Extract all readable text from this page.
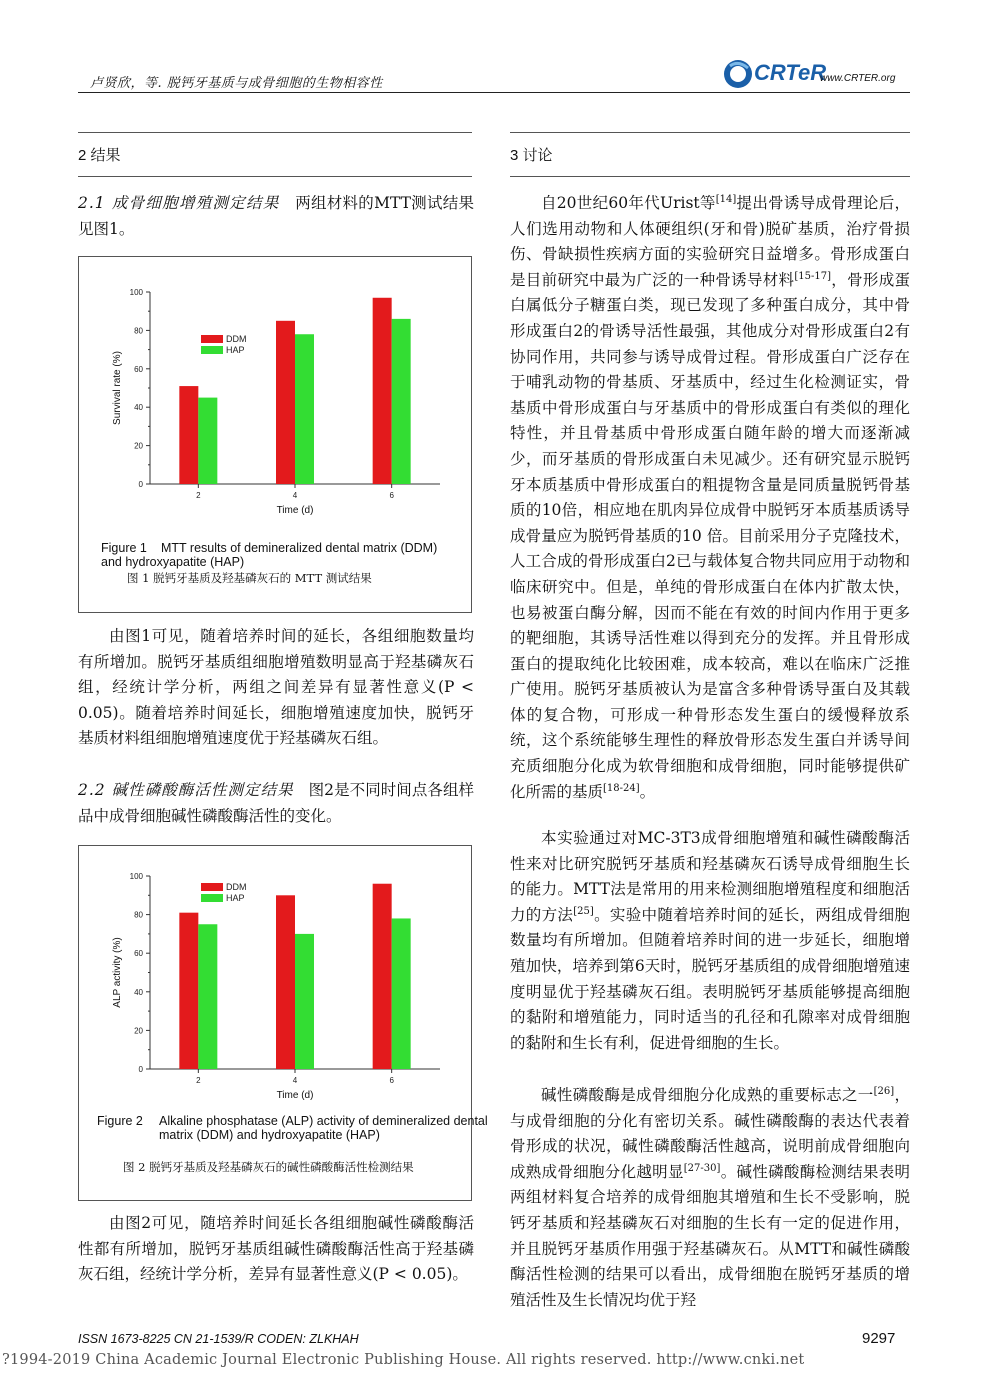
卢贤欣，等. 脱钙牙基质与成骨细胞的生物相容性	CRTeR
www.CRTER.org
2 结果
2.1 成骨细胞增殖测定结果 两组材料的MTT测试结果见图1。
0
20
40
60
80
100
2	4	6
Time (d)
Survival rate (%)
DDM
HAP
Figure 1 MTT results of demineralized dental matrix (DDM) and hydroxyapatite (HAP)
图 1 脱钙牙基质及羟基磷灰石的 MTT 测试结果
由图1可见，随着培养时间的延长，各组细胞数量均有所增加。脱钙牙基质组细胞增殖数明显高于羟基磷灰石组，经统计学分析，两组之间差异有显著性意义(P < 0.05)。随着培养时间延长，细胞增殖速度加快，脱钙牙基质材料组细胞增殖速度优于羟基磷灰石组。
2.2 碱性磷酸酶活性测定结果 图2是不同时间点各组样品中成骨细胞碱性磷酸酶活性的变化。
0
20
40
60
80
100
2	4	6
Time (d)
ALP activity (%)
DDM
HAP
Figure 2 Alkaline phosphatase (ALP) activity of demineralized dental matrix (DDM) and hydroxyapatite (HAP)
图 2 脱钙牙基质及羟基磷灰石的碱性磷酸酶活性检测结果
由图2可见，随培养时间延长各组细胞碱性磷酸酶活性都有所增加，脱钙牙基质组碱性磷酸酶活性高于羟基磷灰石组，经统计学分析，差异有显著性意义(P < 0.05)。
3 讨论
自20世纪60年代Urist等[14]提出骨诱导成骨理论后，人们选用动物和人体硬组织(牙和骨)脱矿基质，治疗骨损伤、骨缺损性疾病方面的实验研究日益增多。骨形成蛋白是目前研究中最为广泛的一种骨诱导材料[15-17]，骨形成蛋白属低分子糖蛋白类，现已发现了多种蛋白成分，其中骨形成蛋白2的骨诱导活性最强，其他成分对骨形成蛋白2有协同作用，共同参与诱导成骨过程。骨形成蛋白广泛存在于哺乳动物的骨基质、牙基质中，经过生化检测证实，骨基质中骨形成蛋白与牙基质中的骨形成蛋白有类似的理化特性，并且骨基质中骨形成蛋白随年龄的增大而逐渐减少，而牙基质的骨形成蛋白未见减少。还有研究显示脱钙牙本质基质中骨形成蛋白的粗提物含量是同质量脱钙骨基质的10倍，相应地在肌肉异位成骨中脱钙牙本质基质诱导成骨量应为脱钙骨基质的10 倍。目前采用分子克隆技术，人工合成的骨形成蛋白2已与载体复合物共同应用于动物和临床研究中。但是，单纯的骨形成蛋白在体内扩散太快，也易被蛋白酶分解，因而不能在有效的时间内作用于更多的靶细胞，其诱导活性难以得到充分的发挥。并且骨形成蛋白的提取纯化比较困难，成本较高，难以在临床广泛推广使用。脱钙牙基质被认为是富含多种骨诱导蛋白及其载体的复合物，可形成一种骨形态发生蛋白的缓慢释放系统，这个系统能够生理性的释放骨形态发生蛋白并诱导间充质细胞分化成为软骨细胞和成骨细胞，同时能够提供矿化所需的基质[18-24]。
本实验通过对MC-3T3成骨细胞增殖和碱性磷酸酶活性来对比研究脱钙牙基质和羟基磷灰石诱导成骨细胞生长的能力。MTT法是常用的用来检测细胞增殖程度和细胞活力的方法[25]。实验中随着培养时间的延长，两组成骨细胞数量均有所增加。但随着培养时间的进一步延长，细胞增殖加快，培养到第6天时，脱钙牙基质组的成骨细胞增殖速度明显优于羟基磷灰石组。表明脱钙牙基质能够提高细胞的黏附和增殖能力，同时适当的孔径和孔隙率对成骨细胞的黏附和生长有利，促进骨细胞的生长。
碱性磷酸酶是成骨细胞分化成熟的重要标志之一[26]，与成骨细胞的分化有密切关系。碱性磷酸酶的表达代表着骨形成的状况，碱性磷酸酶活性越高，说明前成骨细胞向成熟成骨细胞分化越明显[27-30]。碱性磷酸酶检测结果表明两组材料复合培养的成骨细胞其增殖和生长不受影响，脱钙牙基质和羟基磷灰石对细胞的生长有一定的促进作用，并且脱钙牙基质作用强于羟基磷灰石。从MTT和碱性磷酸酶活性检测的结果可以看出，成骨细胞在脱钙牙基质的增殖活性及生长情况均优于羟
ISSN 1673-8225 CN 21-1539/R CODEN: ZLKHAH	9297
?1994-2019 China Academic Journal Electronic Publishing House. All rights reserved. http://www.cnki.net
